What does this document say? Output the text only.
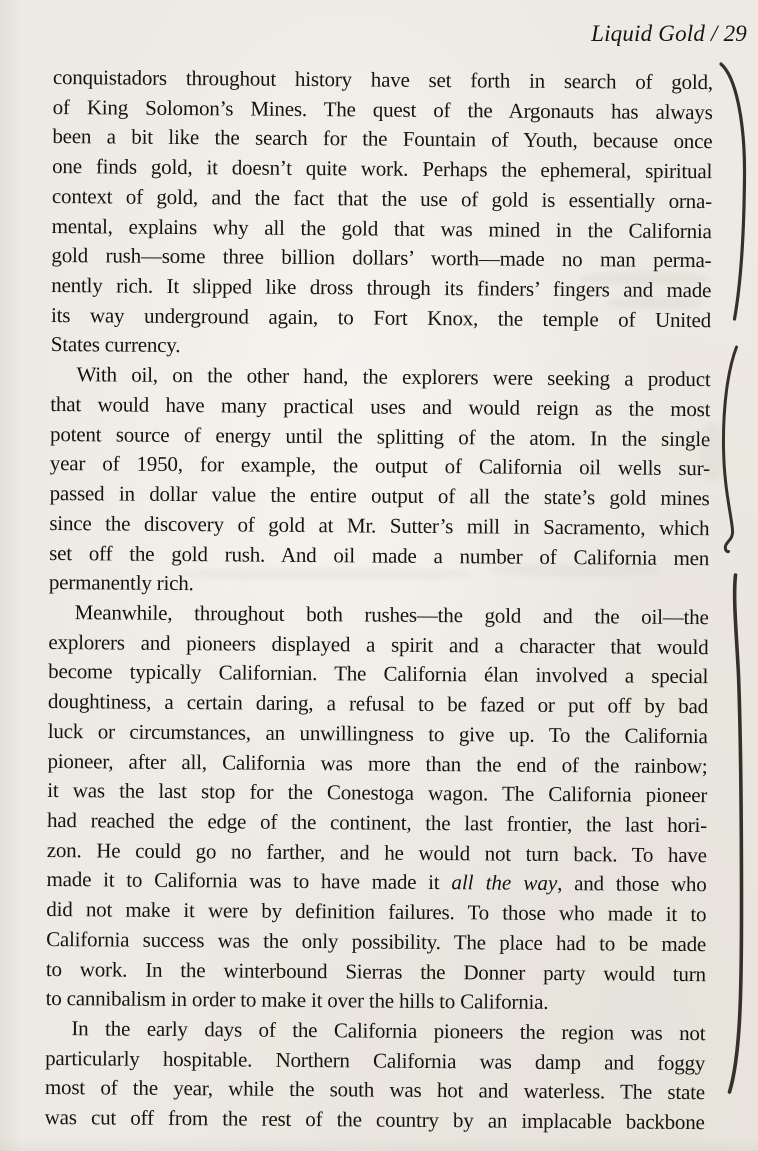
Liquid Gold / 29
conquistadors throughout history have set forth in search of gold,
of King Solomon’s Mines. The quest of the Argonauts has always
been a bit like the search for the Fountain of Youth, because once
one finds gold, it doesn’t quite work. Perhaps the ephemeral, spiritual
context of gold, and the fact that the use of gold is essentially orna-
mental, explains why all the gold that was mined in the California
gold rush—some three billion dollars’ worth—made no man perma-
nently rich. It slipped like dross through its finders’ fingers and made
its way underground again, to Fort Knox, the temple of United
States currency.
With oil, on the other hand, the explorers were seeking a product
that would have many practical uses and would reign as the most
potent source of energy until the splitting of the atom. In the single
year of 1950, for example, the output of California oil wells sur-
passed in dollar value the entire output of all the state’s gold mines
since the discovery of gold at Mr. Sutter’s mill in Sacramento, which
set off the gold rush. And oil made a number of California men
permanently rich.
Meanwhile, throughout both rushes—the gold and the oil—the
explorers and pioneers displayed a spirit and a character that would
become typically Californian. The California élan involved a special
doughtiness, a certain daring, a refusal to be fazed or put off by bad
luck or circumstances, an unwillingness to give up. To the California
pioneer, after all, California was more than the end of the rainbow;
it was the last stop for the Conestoga wagon. The California pioneer
had reached the edge of the continent, the last frontier, the last hori-
zon. He could go no farther, and he would not turn back. To have
made it to California was to have made it all the way, and those who
did not make it were by definition failures. To those who made it to
California success was the only possibility. The place had to be made
to work. In the winterbound Sierras the Donner party would turn
to cannibalism in order to make it over the hills to California.
In the early days of the California pioneers the region was not
particularly hospitable. Northern California was damp and foggy
most of the year, while the south was hot and waterless. The state
was cut off from the rest of the country by an implacable backbone
